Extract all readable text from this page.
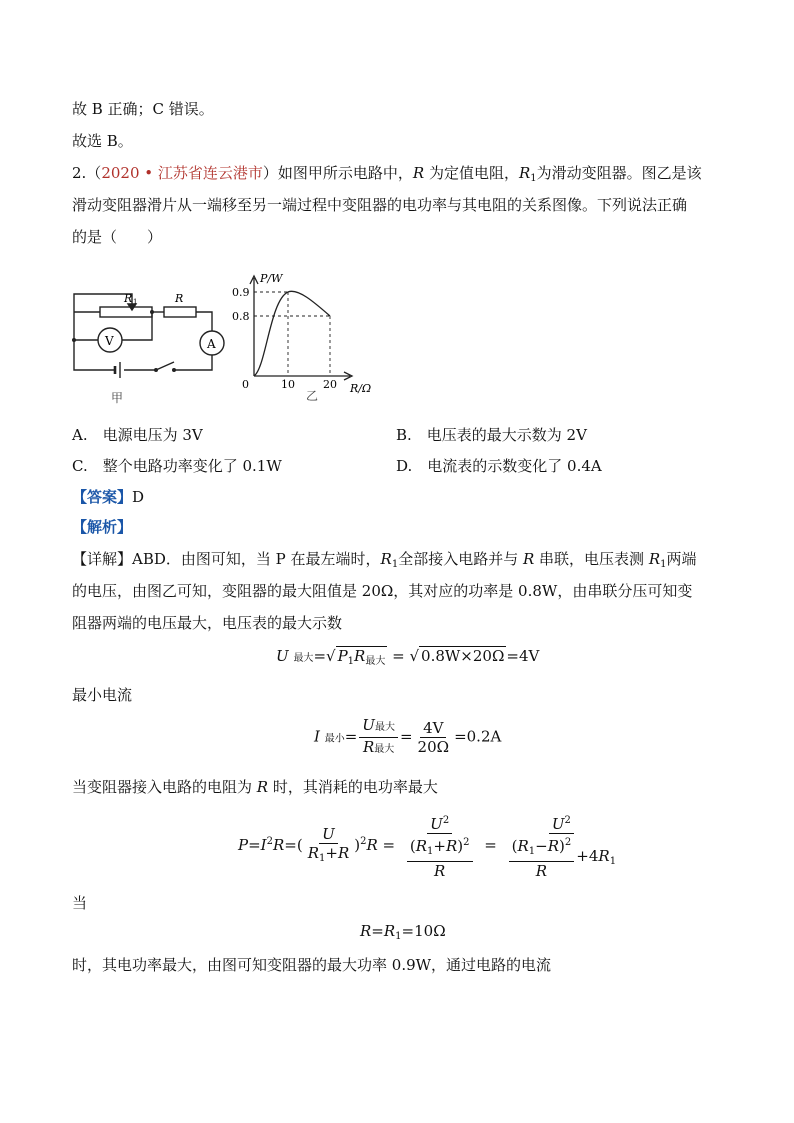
故 B 正确；C 错误。
故选 B。
2.（2020 • 江苏省连云港市）如图甲所示电路中，R 为定值电阻，$R_1$为滑动变阻器。图乙是该
滑动变阻器滑片从一端移至另一端过程中变阻器的电功率与其电阻的关系图像。下列说法正确
的是（　　）
R 1	R
V	A
甲
P/W
0.9
0.8
0	10	20 R/Ω
乙
A.　电源电压为 3V	B.　电压表的最大示数为 2V
C.　整个电路功率变化了 0.1W	D.　电流表的示数变化了 0.4A
【答案】D
【解析】
【详解】ABD．由图可知，当 P 在最左端时，$R_1$全部接入电路并与 R 串联，电压表测 $R_1$两端
的电压，由图乙可知，变阻器的最大阻值是 20Ω，其对应的功率是 0.8W，由串联分压可知变
阻器两端的电压最大，电压表的最大示数
U 最大=√ $P_1R_{最大}$ = √ 0.8W×20Ω =4V
最小电流
I 最小= $\frac{\text{U最大}}{\text{R最大}} = \frac{4V}{20\Omega} =0.2A$
当变阻器接入电路的电阻为 R 时，其消耗的电功率最大
$P=I^2R=( \frac{U}{R_1+R} )^2R = \frac{U^2}{\frac{(R_1+R)^2}{R}} = \frac{U^2}{\frac{(R_1-R)^2}{R} +4R_1}$
当
$R=R_1=10\Omega$
时，其电功率最大，由图可知变阻器的最大功率 0.9W，通过电路的电流
